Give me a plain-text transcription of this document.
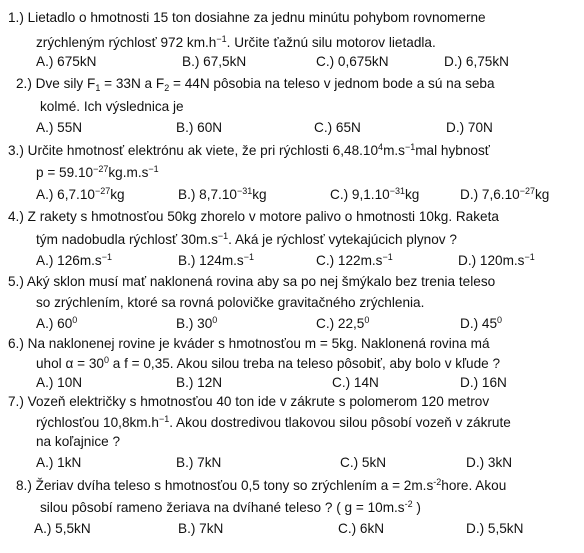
1.) Lietadlo o hmotnosti 15 ton dosiahne za jednu minútu pohybom rovnomerne
zrýchleným rýchlosť 972 $km.h^{-1}$. Určite ťažnú silu motorov lietadla.
A.) 675kN	B.) 67,5kN	C.) 0,675kN	D.) 6,75kN
2.) Dve sily $F_1 = 33N$ a $F_2 = 44N$ pôsobia na teleso v jednom bode a sú na seba
kolmé. Ich výslednica je
A.) 55N	B.) 60N	C.) 65N	D.) 70N
3.) Určite hmotnosť elektrónu ak viete, že pri rýchlosti $6,48.10^4m.s^{-1}mal$ hybnosť
$p = 59.10^{-27}kg.m.s^{-1}$
A.) $6,7.10^{-27}kg$	B.) $8,7.10^{-31}kg$	C.) $9,1.10^{-31}kg$	D.) $7,6.10^{-27}kg$
4.) Z rakety s hmotnosťou 50kg zhorelo v motore palivo o hmotnosti 10kg. Raketa
tým nadobudla rýchlosť $30m.s^{-1}$. Aká je rýchlosť vytekajúcich plynov ?
A.) $126m.s^{-1}$	B.) $124m.s^{-1}$	C.) $122m.s^{-1}$	D.) $120m.s^{-1}$
5.) Aký sklon musí mať naklonená rovina aby sa po nej šmýkalo bez trenia teleso
so zrýchlením, ktoré sa rovná polovičke gravitačného zrýchlenia.
A.) $60^0$	B.) $30^0$	C.) 22,5$^0$	D.) $45^0$
6.) Na naklonenej rovine je kváder s hmotnosťou m = 5kg. Naklonená rovina má
uhol $\alpha = 30^0$ a f = 0,35. Akou silou treba na teleso pôsobiť, aby bolo v kľude ?
A.) 10N	B.) 12N	C.) 14N	D.) 16N
7.) Vozeň električky s hmotnosťou 40 ton ide v zákrute s polomerom 120 metrov
rýchlosťou $10,8km.h^{-1}$. Akou dostredivou tlakovou silou pôsobí vozeň v zákrute
na koľajnice ?
A.) 1kN	B.) 7kN	C.) 5kN	D.) 3kN
8.) Žeriav dvíha teleso s hmotnosťou 0,5 tony so zrýchlením $a = 2m.s^{-2}hore$. Akou
silou pôsobí rameno žeriava na dvíhané teleso ? ( $g = 10m.s^{-2}$ )
A.) 5,5kN	B.) 7kN	C.) 6kN	D.) 5,5kN
